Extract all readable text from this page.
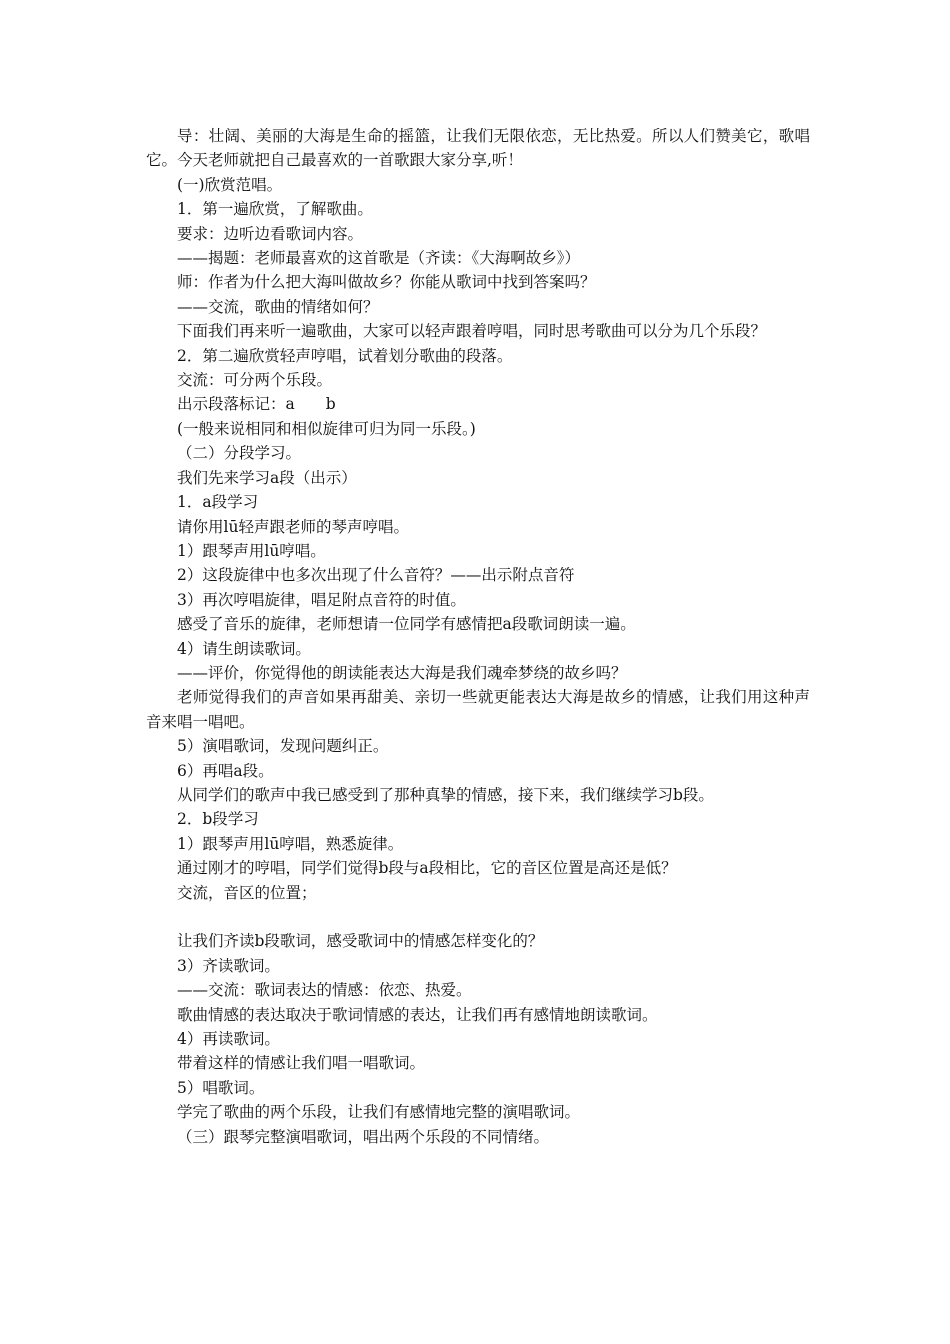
导：壮阔、美丽的大海是生命的摇篮，让我们无限依恋，无比热爱。所以人们赞美它，歌唱它。今天老师就把自己最喜欢的一首歌跟大家分享,听！

(一)欣赏范唱。

1．第一遍欣赏，了解歌曲。

要求：边听边看歌词内容。

——揭题：老师最喜欢的这首歌是（齐读：《大海啊故乡》）

师：作者为什么把大海叫做故乡？你能从歌词中找到答案吗？

——交流，歌曲的情绪如何？

下面我们再来听一遍歌曲，大家可以轻声跟着哼唱，同时思考歌曲可以分为几个乐段？

2．第二遍欣赏轻声哼唱，试着划分歌曲的段落。

交流：可分两个乐段。

出示段落标记：a　　b

(一般来说相同和相似旋律可归为同一乐段。)

（二）分段学习。

我们先来学习a段（出示）

1．a段学习

请你用lū轻声跟老师的琴声哼唱。

1）跟琴声用lū哼唱。

2）这段旋律中也多次出现了什么音符？——出示附点音符

3）再次哼唱旋律，唱足附点音符的时值。

感受了音乐的旋律，老师想请一位同学有感情把a段歌词朗读一遍。

4）请生朗读歌词。

——评价，你觉得他的朗读能表达大海是我们魂牵梦绕的故乡吗？

老师觉得我们的声音如果再甜美、亲切一些就更能表达大海是故乡的情感，让我们用这种声音来唱一唱吧。

5）演唱歌词，发现问题纠正。

6）再唱a段。

从同学们的歌声中我已感受到了那种真挚的情感，接下来，我们继续学习b段。

2．b段学习

1）跟琴声用lū哼唱，熟悉旋律。

通过刚才的哼唱，同学们觉得b段与a段相比，它的音区位置是高还是低？

交流，音区的位置；

让我们齐读b段歌词，感受歌词中的情感怎样变化的？

3）齐读歌词。

——交流：歌词表达的情感：依恋、热爱。

歌曲情感的表达取决于歌词情感的表达，让我们再有感情地朗读歌词。

4）再读歌词。

带着这样的情感让我们唱一唱歌词。

5）唱歌词。

学完了歌曲的两个乐段，让我们有感情地完整的演唱歌词。

（三）跟琴完整演唱歌词，唱出两个乐段的不同情绪。
